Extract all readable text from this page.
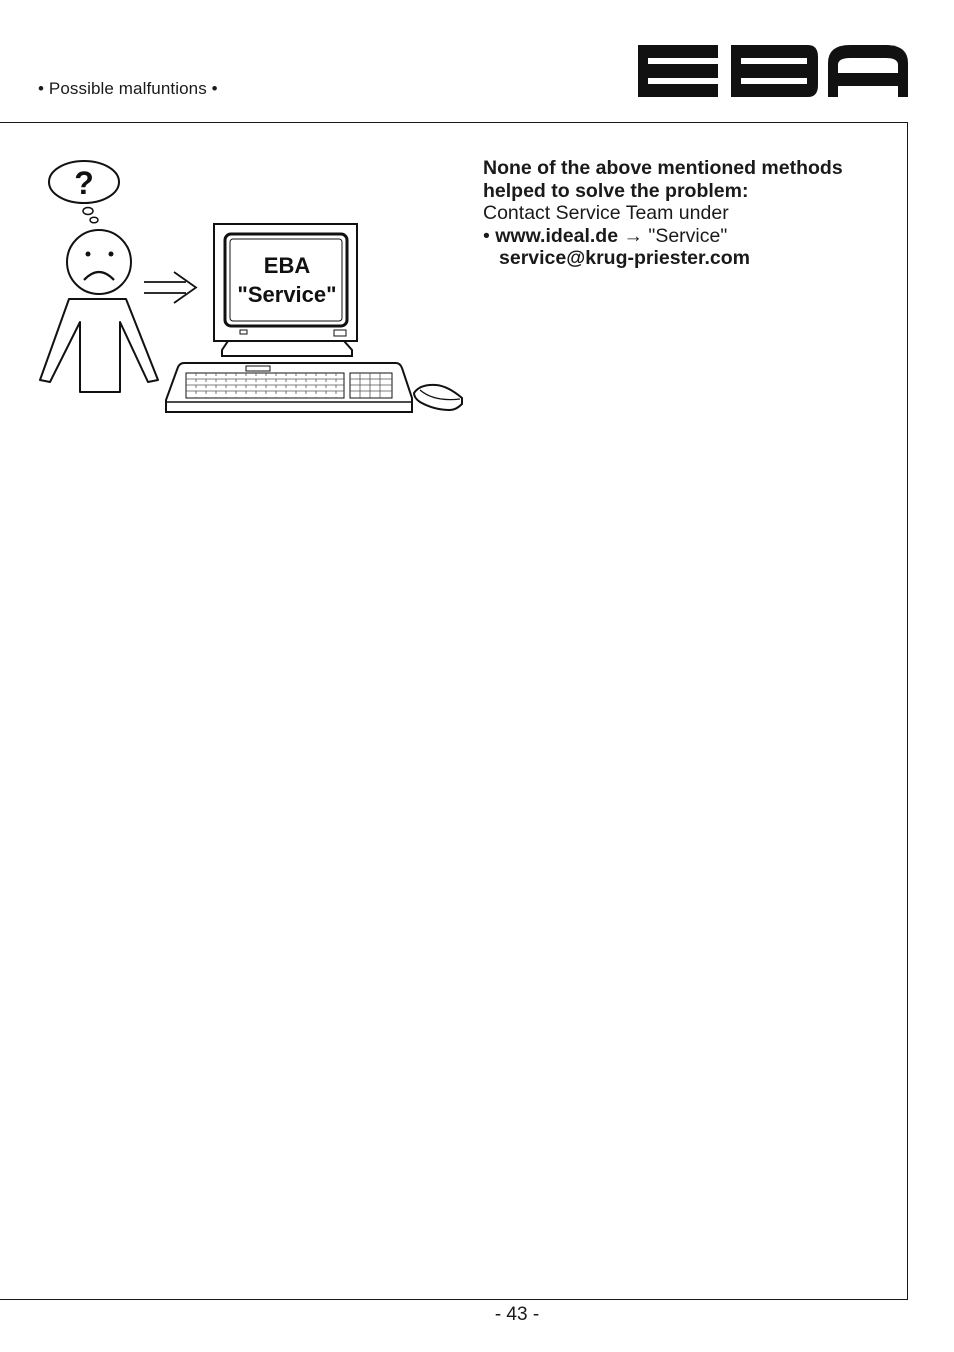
• Possible malfuntions •
?
EBA
"Service"
None of the above mentioned methods helped to solve the problem:
Contact Service Team under
• www.ideal.de → "Service"
service@krug-priester.com
- 43 -
